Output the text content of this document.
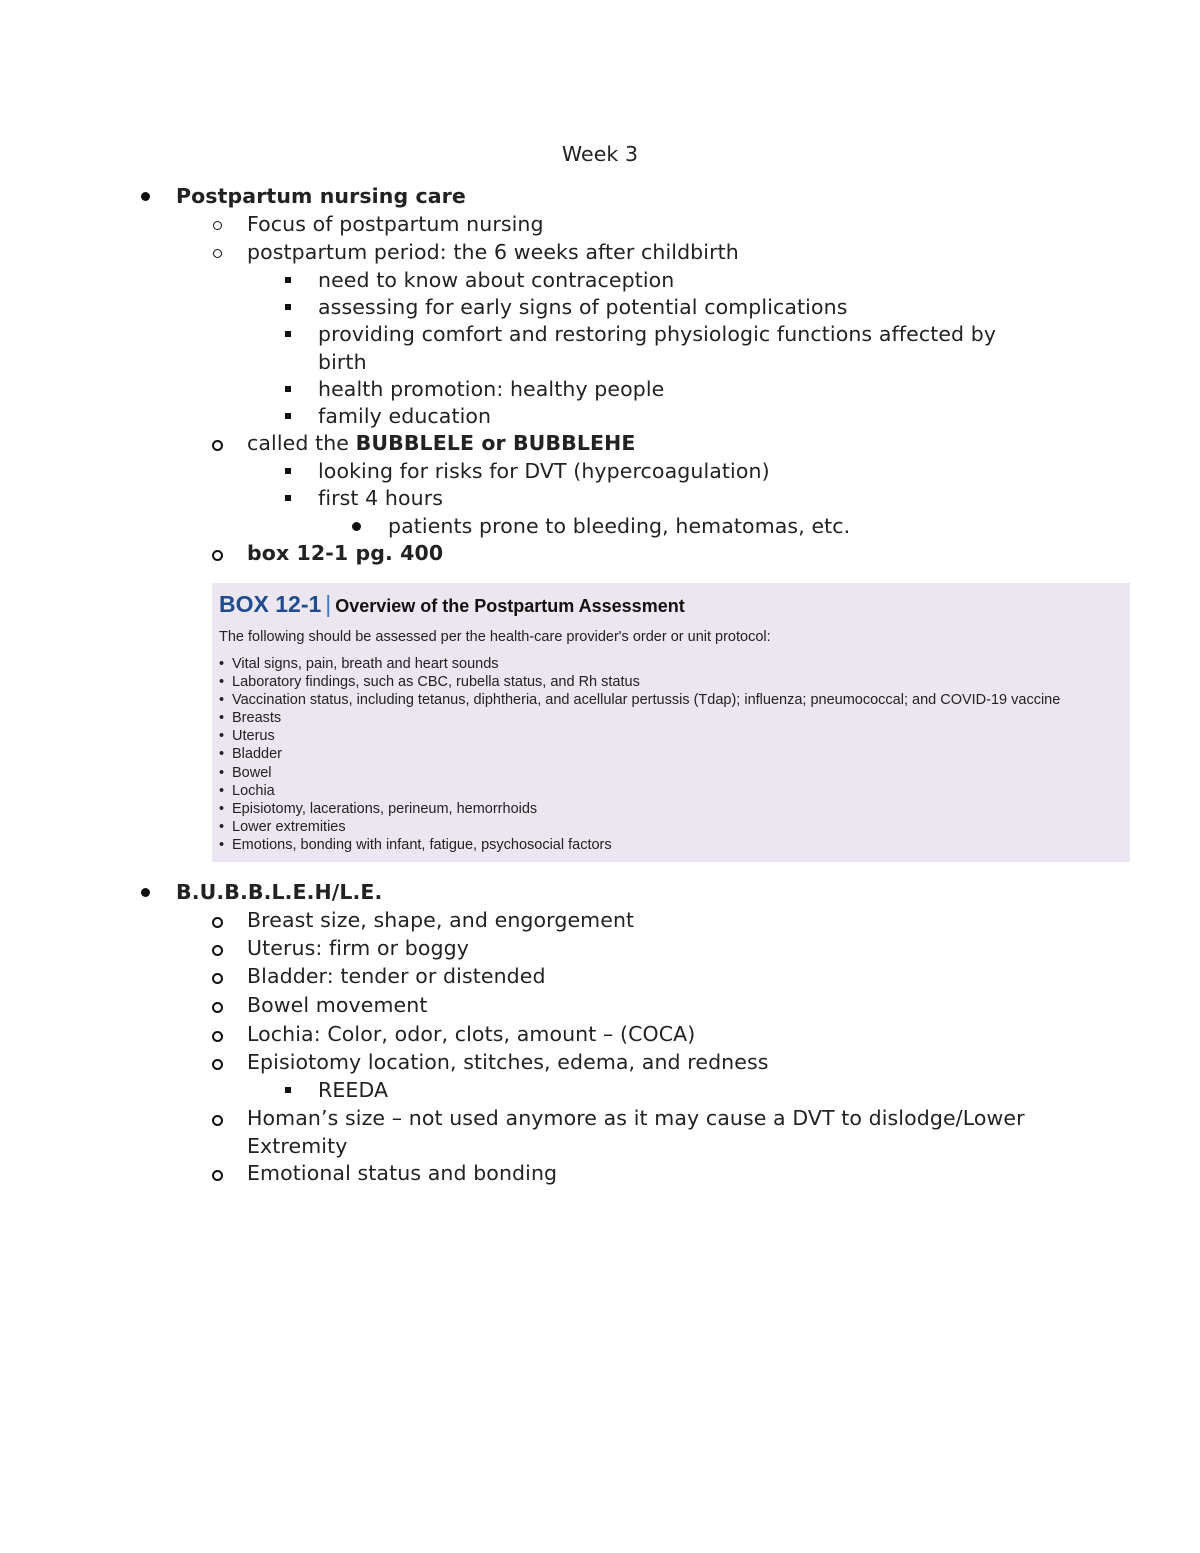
Week 3
Postpartum nursing care
Focus of postpartum nursing
postpartum period: the 6 weeks after childbirth
need to know about contraception
assessing for early signs of potential complications
providing comfort and restoring physiologic functions affected by
birth
health promotion: healthy people
family education
called the BUBBLELE or BUBBLEHE
looking for risks for DVT (hypercoagulation)
first 4 hours
patients prone to bleeding, hematomas, etc.
box 12-1 pg. 400
BOX 12-1 | Overview of the Postpartum Assessment
The following should be assessed per the health-care provider's order or unit protocol:
• Vital signs, pain, breath and heart sounds
• Laboratory findings, such as CBC, rubella status, and Rh status
• Vaccination status, including tetanus, diphtheria, and acellular pertussis (Tdap); influenza; pneumococcal; and COVID-19 vaccine
• Breasts
• Uterus
• Bladder
• Bowel
• Lochia
• Episiotomy, lacerations, perineum, hemorrhoids
• Lower extremities
• Emotions, bonding with infant, fatigue, psychosocial factors
B.U.B.B.L.E.H/L.E.
Breast size, shape, and engorgement
Uterus: firm or boggy
Bladder: tender or distended
Bowel movement
Lochia: Color, odor, clots, amount – (COCA)
Episiotomy location, stitches, edema, and redness
REEDA
Homan’s size – not used anymore as it may cause a DVT to dislodge/Lower
Extremity
Emotional status and bonding
